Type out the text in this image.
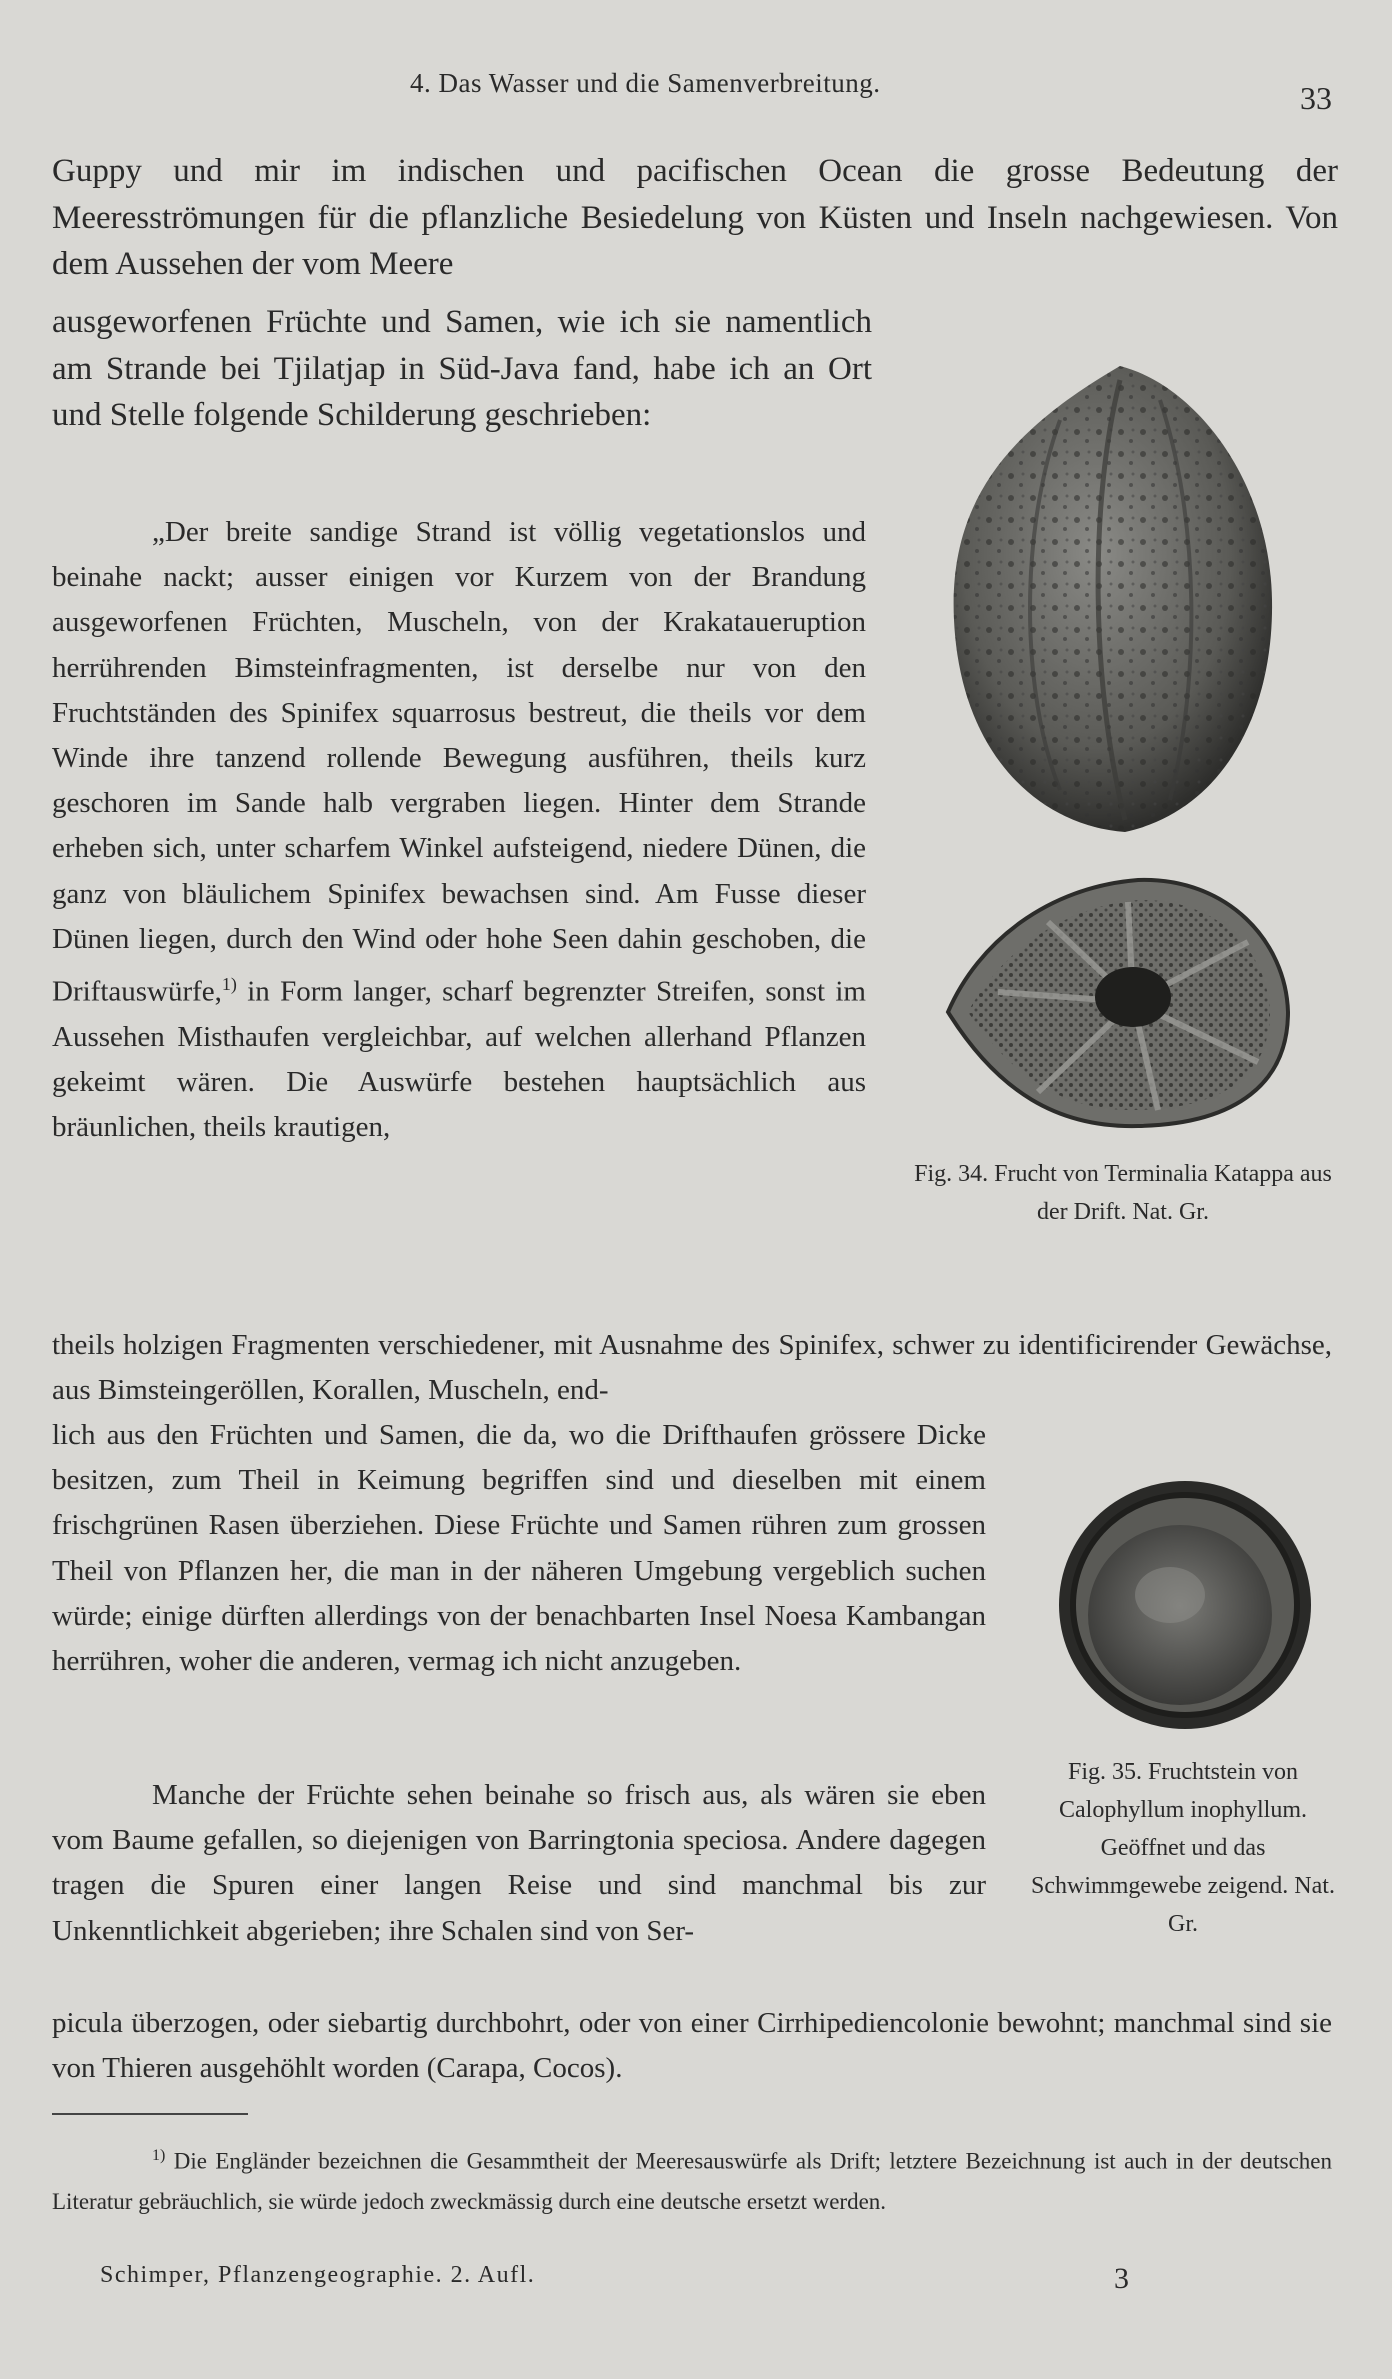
4. Das Wasser und die Samenverbreitung.	33

Guppy und mir im indischen und pacifischen Ocean die grosse Bedeutung der Meeresströmungen für die pflanzliche Besiedelung von Küsten und Inseln nachgewiesen. Von dem Aussehen der vom Meere

ausgeworfenen Früchte und Samen, wie ich sie namentlich am Strande bei Tjilatjap in Süd-Java fand, habe ich an Ort und Stelle folgende Schilderung geschrieben:

„Der breite sandige Strand ist völlig vegetationslos und beinahe nackt; ausser einigen vor Kurzem von der Brandung ausgeworfenen Früchten, Muscheln, von der Krakataueruption herrührenden Bimsteinfragmenten, ist derselbe nur von den Fruchtständen des Spinifex squarrosus bestreut, die theils vor dem Winde ihre tanzend rollende Bewegung ausführen, theils kurz geschoren im Sande halb vergraben liegen. Hinter dem Strande erheben sich, unter scharfem Winkel aufsteigend, niedere Dünen, die ganz von bläulichem Spinifex bewachsen sind. Am Fusse dieser Dünen liegen, durch den Wind oder hohe Seen dahin geschoben, die Driftauswürfe,$^{1)}$ in Form langer, scharf begrenzter Streifen, sonst im Aussehen Misthaufen vergleichbar, auf welchen allerhand Pflanzen gekeimt wären. Die Auswürfe bestehen hauptsächlich aus bräunlichen, theils krautigen,

theils holzigen Fragmenten verschiedener, mit Ausnahme des Spinifex, schwer zu identificirender Gewächse, aus Bimsteingeröllen, Korallen, Muscheln, end-

lich aus den Früchten und Samen, die da, wo die Drifthaufen grössere Dicke besitzen, zum Theil in Keimung begriffen sind und dieselben mit einem frischgrünen Rasen überziehen. Diese Früchte und Samen rühren zum grossen Theil von Pflanzen her, die man in der näheren Umgebung vergeblich suchen würde; einige dürften allerdings von der benachbarten Insel Noesa Kambangan herrühren, woher die anderen, vermag ich nicht anzugeben.

Manche der Früchte sehen beinahe so frisch aus, als wären sie eben vom Baume gefallen, so diejenigen von Barringtonia speciosa. Andere dagegen tragen die Spuren einer langen Reise und sind manchmal bis zur Unkenntlichkeit abgerieben; ihre Schalen sind von Ser-

picula überzogen, oder siebartig durchbohrt, oder von einer Cirrhipediencolonie bewohnt; manchmal sind sie von Thieren ausgehöhlt worden (Carapa, Cocos).

Fig. 34. Frucht von Terminalia Katappa aus der Drift. Nat. Gr.
Fig. 35. Fruchtstein von Calophyllum inophyllum. Geöffnet und das Schwimmgewebe zeigend. Nat. Gr.

$^{1)}$ Die Engländer bezeichnen die Gesammtheit der Meeresauswürfe als Drift; letztere Bezeichnung ist auch in der deutschen Literatur gebräuchlich, sie würde jedoch zweckmässig durch eine deutsche ersetzt werden.

Schimper, Pflanzengeographie. 2. Aufl.	3
